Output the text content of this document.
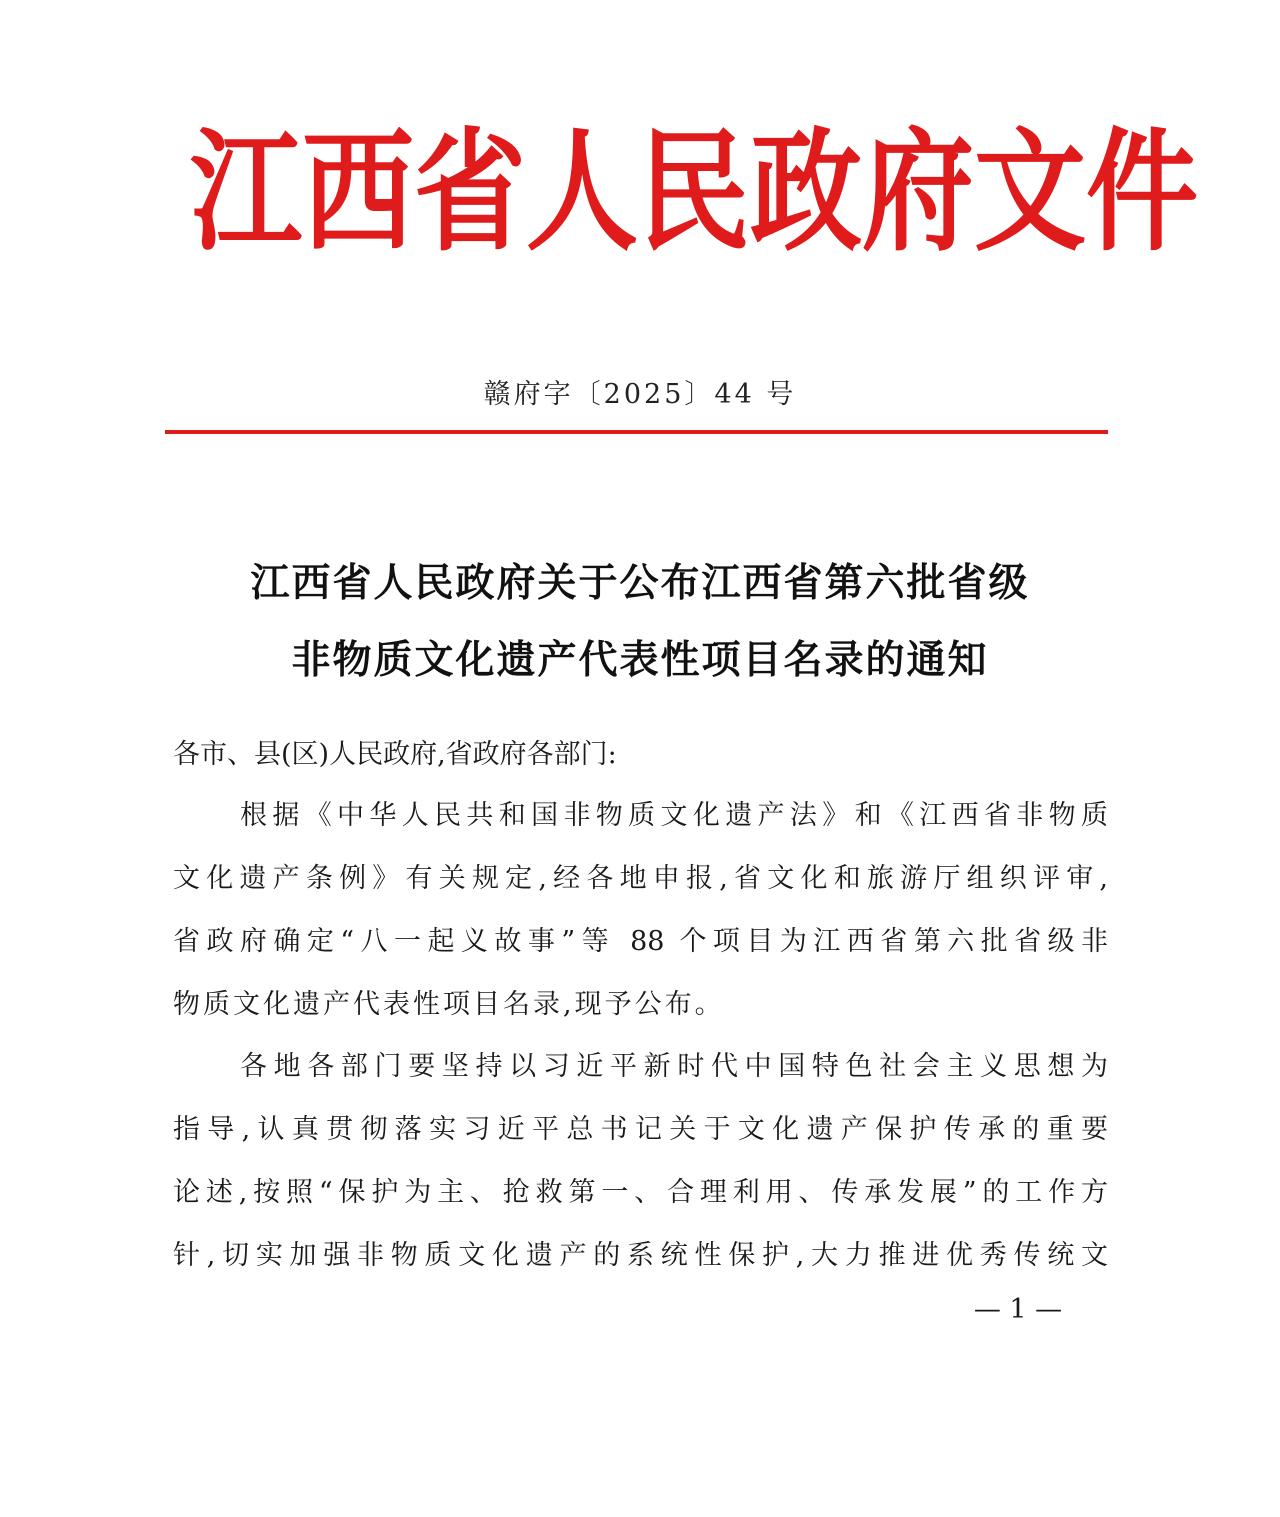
江 西 省 人 民 政 府 文 件
赣府字〔2025〕44 号
江西省人民政府关于公布江西省第六批省级
非物质文化遗产代表性项目名录的通知
各市、县(区)人民政府,省政府各部门:
根据《中华人民共和国非物质文化遗产法》和《江西省非物质
文化遗产条例》有关规定,经各地申报,省文化和旅游厅组织评审,
省政府确定“八一起义故事”等 88 个项目为江西省第六批省级非
物质文化遗产代表性项目名录,现予公布。
各地各部门要坚持以习近平新时代中国特色社会主义思想为
指导,认真贯彻落实习近平总书记关于文化遗产保护传承的重要
论述,按照“保护为主、抢救第一、合理利用、传承发展”的工作方
针,切实加强非物质文化遗产的系统性保护,大力推进优秀传统文
— 1 —
